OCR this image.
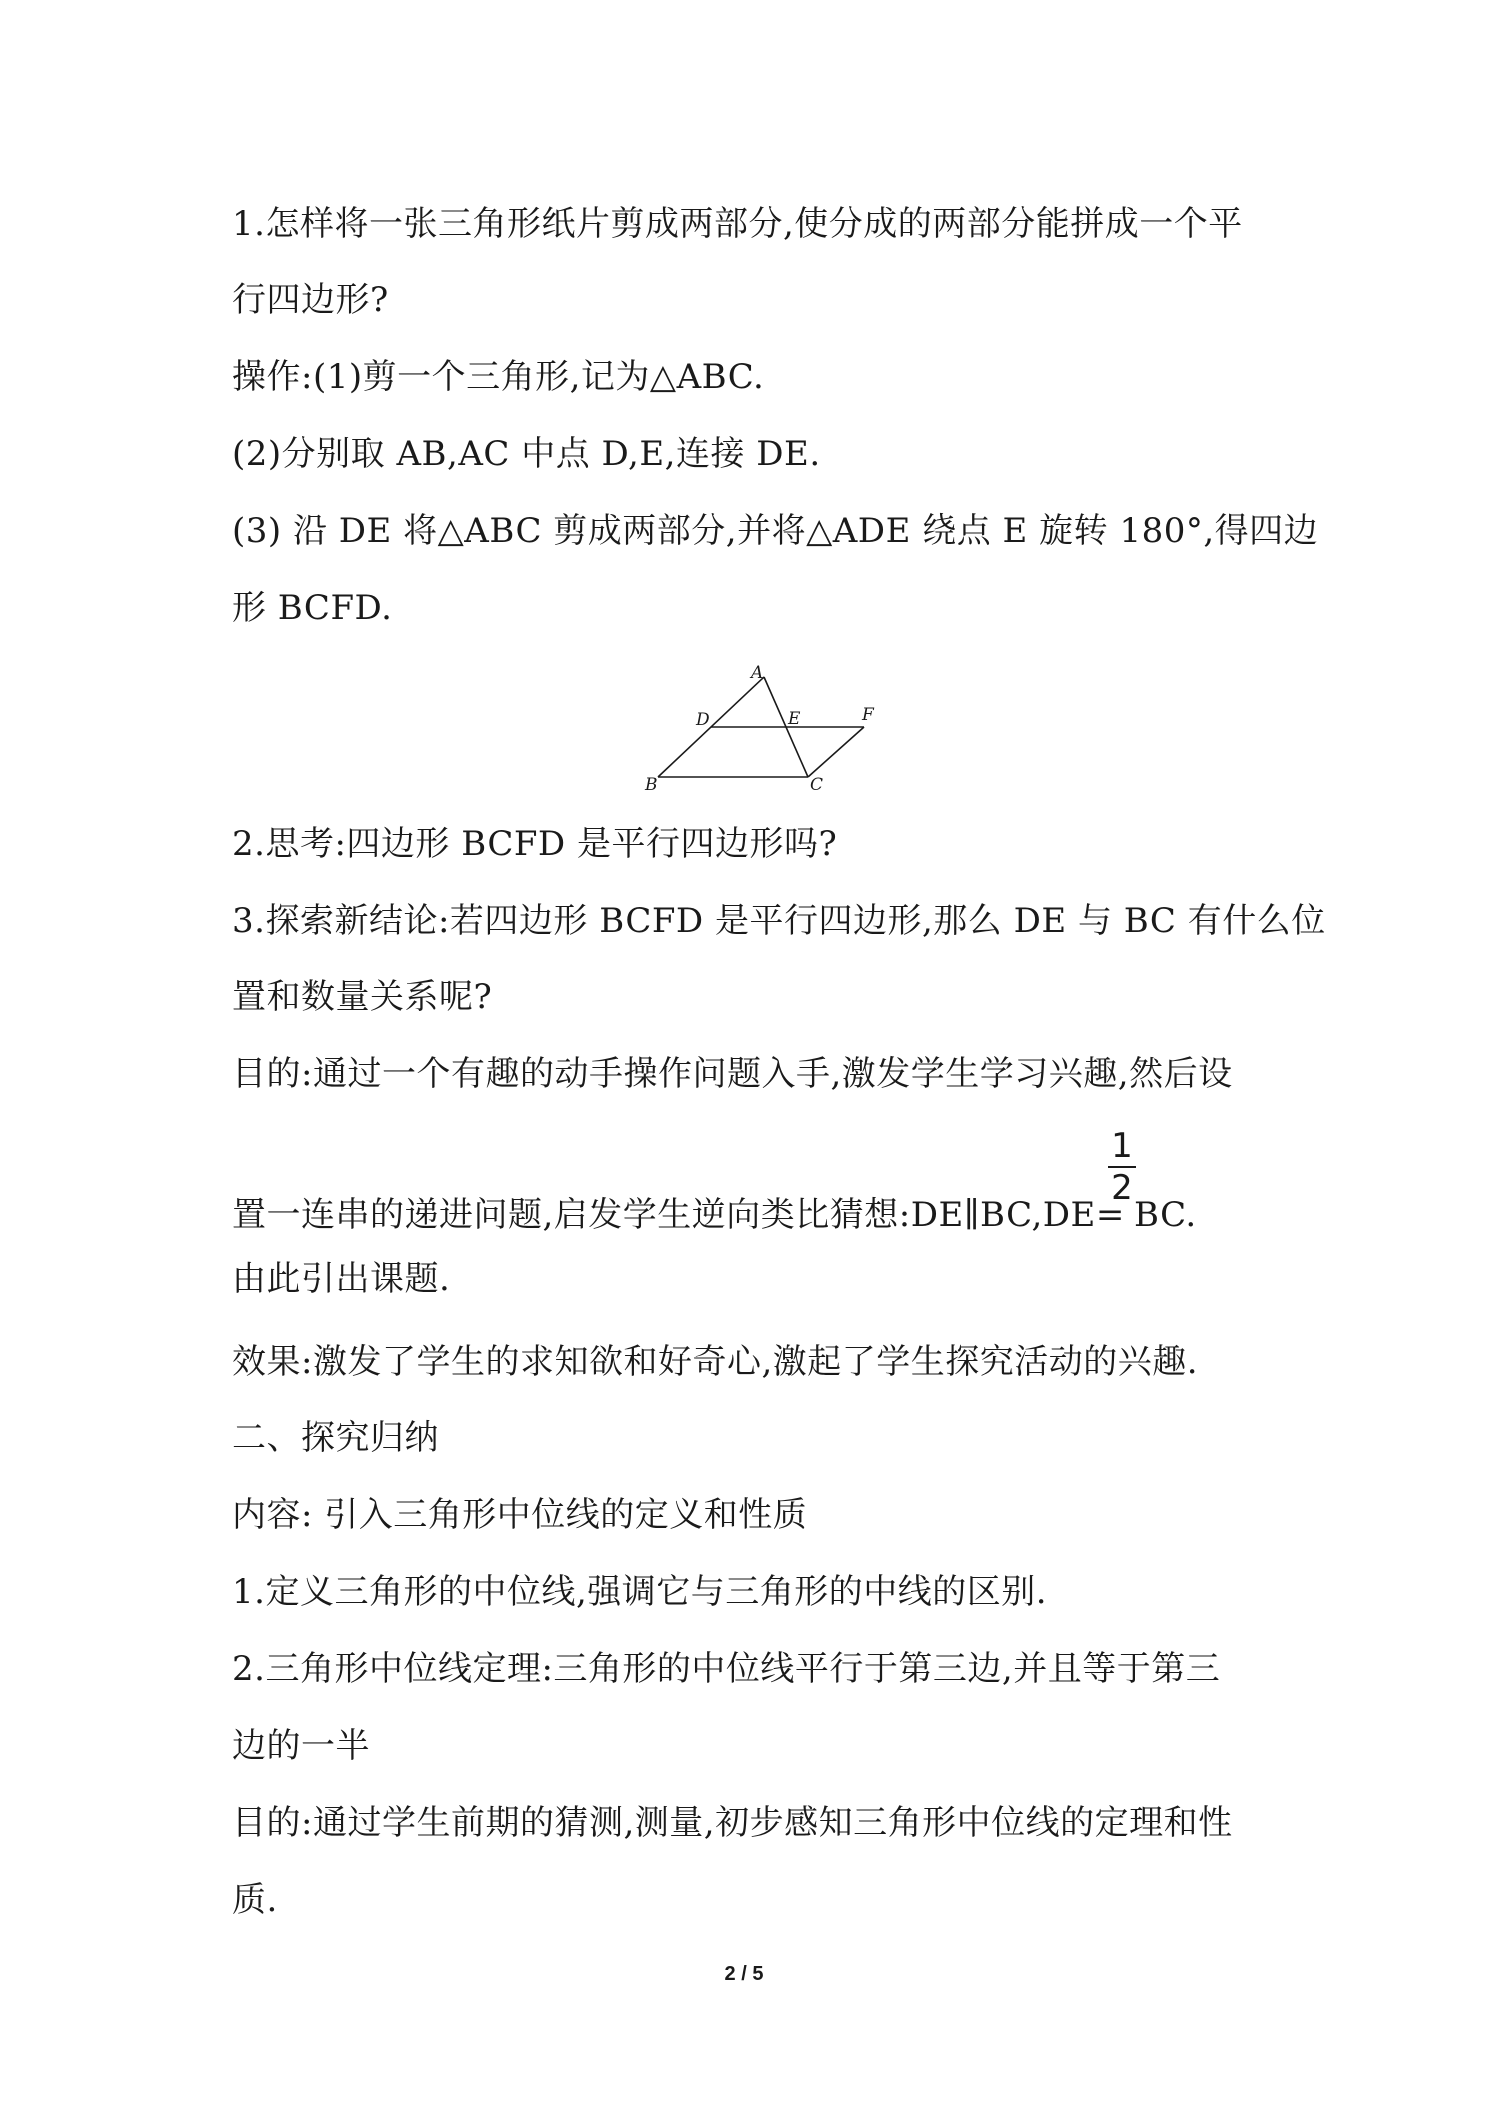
1.怎样将一张三角形纸片剪成两部分,使分成的两部分能拼成一个平
行四边形?
操作:(1)剪一个三角形,记为△ABC.
(2)分别取 AB,AC 中点 D,E,连接 DE.
(3) 沿 DE 将△ABC 剪成两部分,并将△ADE 绕点 E 旋转 180°,得四边
形 BCFD.
A
D	E	F
B	C
2.思考:四边形 BCFD 是平行四边形吗?
3.探索新结论:若四边形 BCFD 是平行四边形,那么 DE 与 BC 有什么位
置和数量关系呢?
目的:通过一个有趣的动手操作问题入手,激发学生学习兴趣,然后设
置一连串的递进问题,启发学生逆向类比猜想:DE∥BC,DE=
1
2
BC.
由此引出课题.
效果:激发了学生的求知欲和好奇心,激起了学生探究活动的兴趣.
二、探究归纳
内容: 引入三角形中位线的定义和性质
1.定义三角形的中位线,强调它与三角形的中线的区别.
2.三角形中位线定理:三角形的中位线平行于第三边,并且等于第三
边的一半
目的:通过学生前期的猜测,测量,初步感知三角形中位线的定理和性
质.
2 / 5
